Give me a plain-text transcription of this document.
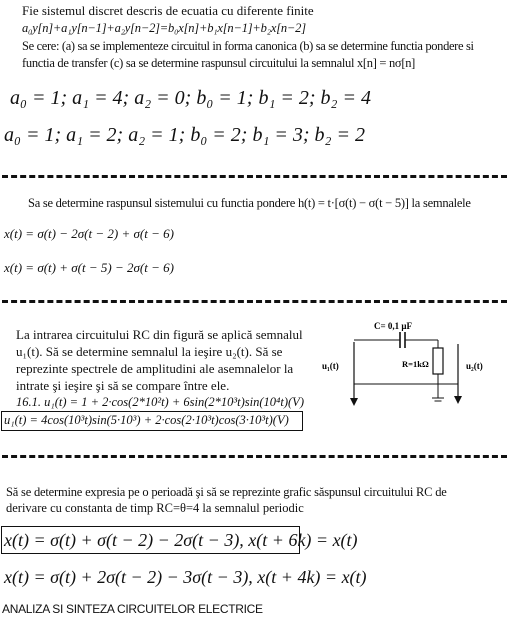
Fie sistemul discret descris de ecuatia cu diferente finite
a₀y[n]+a₁y[n−1]+a₂y[n−2]=b₀x[n]+b₁x[n−1]+b₂x[n−2]
Se cere: (a) sa se implementeze circuitul in forma canonica (b) sa se determine functia pondere si
functia de transfer (c) sa se determine raspunsul circuitului la semnalul x[n] = nσ[n]
a₀ = 1; a₁ = 4; a₂ = 0; b₀ = 1; b₁ = 2; b₂ = 4
a₀ = 1; a₁ = 2; a₂ = 1; b₀ = 2; b₁ = 3; b₂ = 2
Sa se determine raspunsul sistemului cu functia pondere h(t) = t·[σ(t) − σ(t − 5)] la semnalele
x(t) = σ(t) − 2σ(t − 2) + σ(t − 6)
x(t) = σ(t) + σ(t − 5) − 2σ(t − 6)
La intrarea circuitului RC din figură se aplică semnalul
u₁(t). Să se determine semnalul la ieşire u₂(t). Să se
reprezinte spectrele de amplitudini ale asemnalelor la
intrate şi ieşire şi să se compare între ele.
16.1. u₁(t) = 1 + 2·cos(2*10²t) + 6sin(2*10³t)sin(10⁴t)(V)
u₁(t) = 4cos(10³t)sin(5·10³) + 2·cos(2·10³t)cos(3·10³t)(V)
C= 0,1 μF
R=1kΩ
u₁(t)	u₂(t)
Să se determine expresia pe o perioadă şi să se reprezinte grafic săspunsul circuitului RC de
derivare cu constanta de timp RC=θ=4 la semnalul periodic
x(t) = σ(t) + σ(t − 2) − 2σ(t − 3), x(t + 6k) = x(t)
x(t) = σ(t) + 2σ(t − 2) − 3σ(t − 3), x(t + 4k) = x(t)
ANALIZA SI SINTEZA CIRCUITELOR ELECTRICE
